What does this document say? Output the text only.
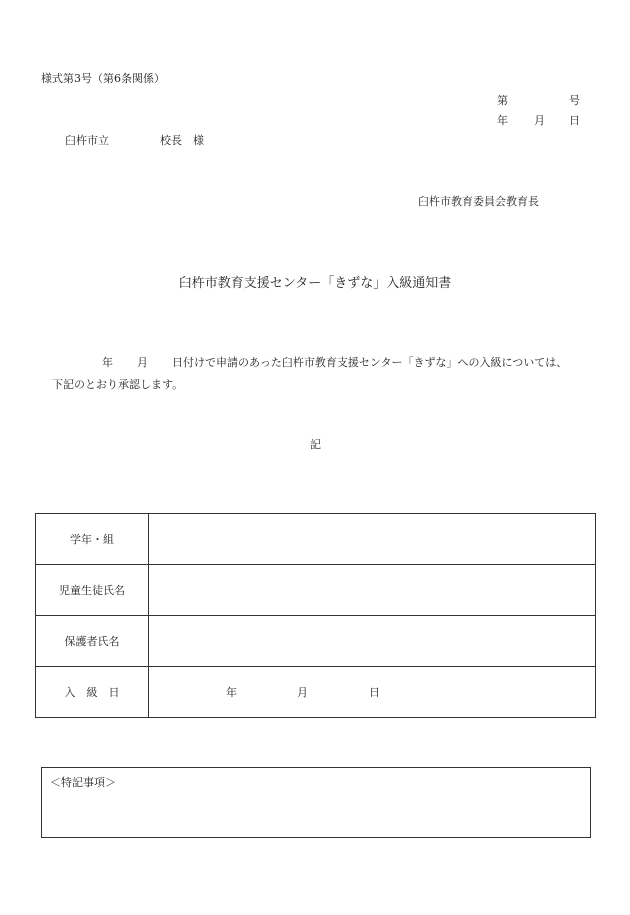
様式第3号（第6条関係）
第	号
年 月 日
臼杵市立	校長　様
臼杵市教育委員会教育長
臼杵市教育支援センター「きずな」入級通知書
年 月 日付けで申請のあった臼杵市教育支援センター「きずな」への入級については、
下記のとおり承認します。
記
学年・組
児童生徒氏名
保護者氏名
入　級　日	年	月	日
＜特記事項＞
